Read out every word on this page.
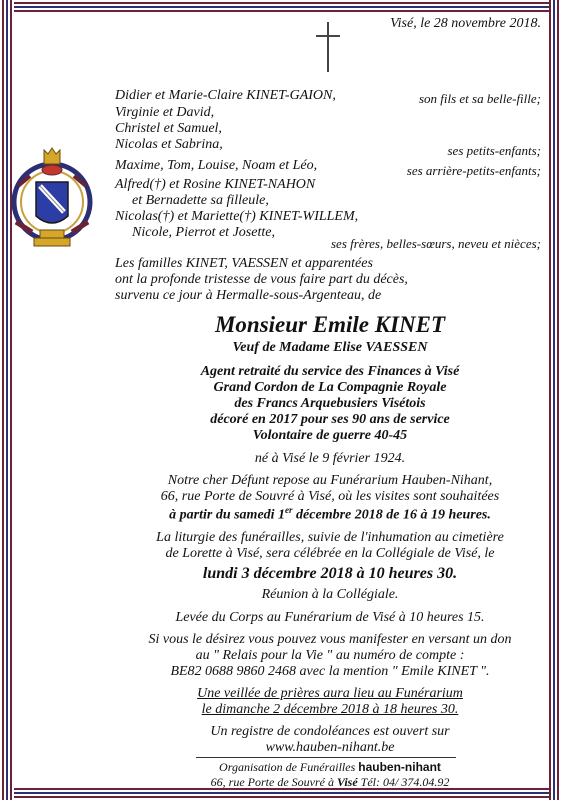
Visé, le 28 novembre 2018.
Didier et Marie-Claire KINET-GAION,	son fils et sa belle-fille;
Virginie et David,
Christel et Samuel,
Nicolas et Sabrina,	ses petits-enfants;
Maxime, Tom, Louise, Noam et Léo,	ses arrière-petits-enfants;
Alfred(†) et Rosine KINET-NAHON
et Bernadette sa filleule,
Nicolas(†) et Mariette(†) KINET-WILLEM,
Nicole, Pierrot et Josette,
ses frères, belles-sœurs, neveu et nièces;
Les familles KINET, VAESSEN et apparentées
ont la profonde tristesse de vous faire part du décès,
survenu ce jour à Hermalle-sous-Argenteau, de
Monsieur Emile KINET
Veuf de Madame Elise VAESSEN
Agent retraité du service des Finances à Visé
Grand Cordon de La Compagnie Royale
des Francs Arquebusiers Visétois
décoré en 2017 pour ses 90 ans de service
Volontaire de guerre 40-45
né à Visé le 9 février 1924.
Notre cher Défunt repose au Funérarium Hauben-Nihant,
66, rue Porte de Souvré à Visé, où les visites sont souhaitées
à partir du samedi 1er décembre 2018 de 16 à 19 heures.
La liturgie des funérailles, suivie de l'inhumation au cimetière
de Lorette à Visé, sera célébrée en la Collégiale de Visé, le
lundi 3 décembre 2018 à 10 heures 30.
Réunion à la Collégiale.
Levée du Corps au Funérarium de Visé à 10 heures 15.
Si vous le désirez vous pouvez vous manifester en versant un don
au " Relais pour la Vie " au numéro de compte :
BE82 0688 9860 2468 avec la mention " Emile KINET ".
Une veillée de prières aura lieu au Funérarium
le dimanche 2 décembre 2018 à 18 heures 30.
Un registre de condoléances est ouvert sur
www.hauben-nihant.be
Organisation de Funérailles hauben-nihant
66, rue Porte de Souvré à Visé Tél: 04/ 374.04.92
